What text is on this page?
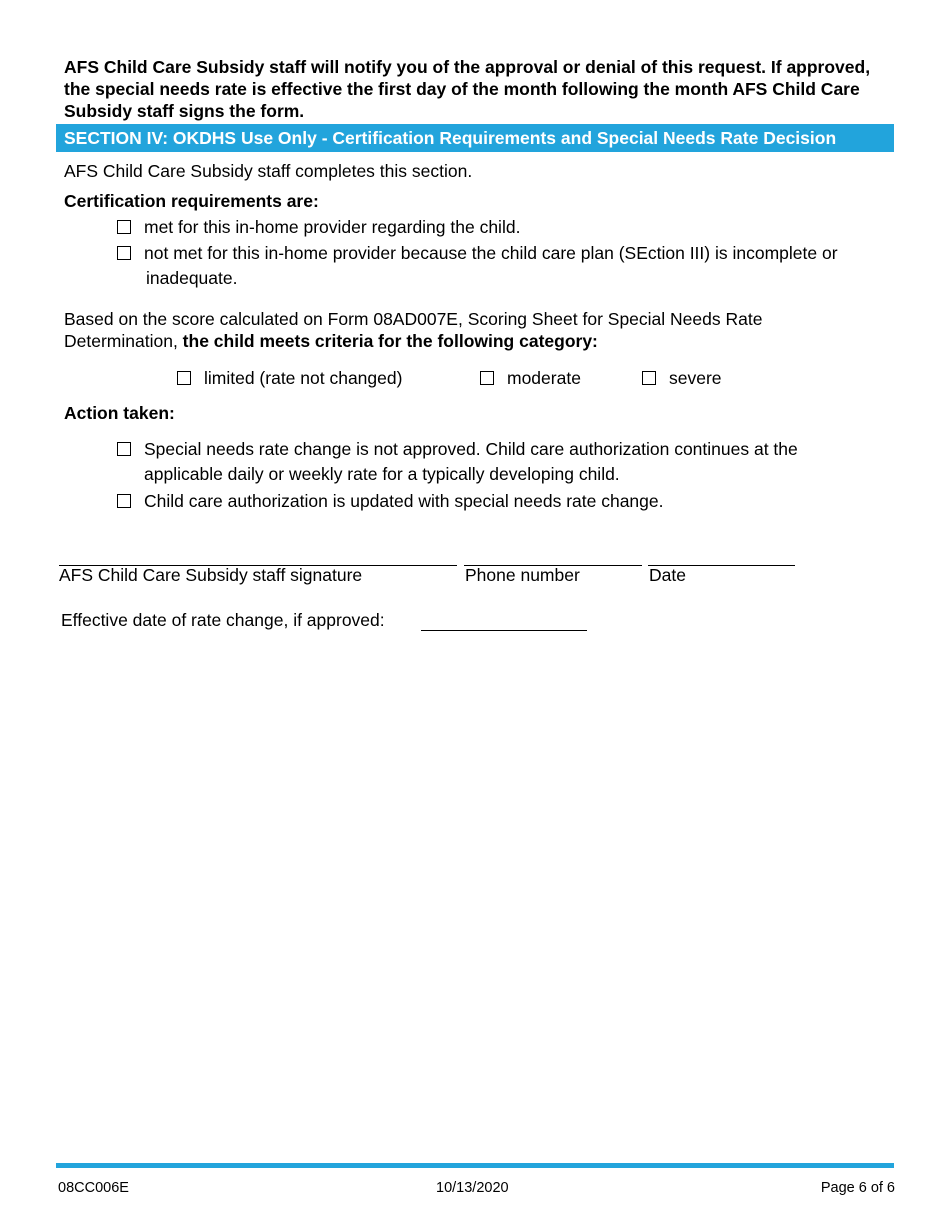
AFS Child Care Subsidy staff will notify you of the approval or denial of this request. If approved, the special needs rate is effective the first day of the month following the month AFS Child Care Subsidy staff signs the form.
SECTION IV: OKDHS Use Only - Certification Requirements and Special Needs Rate Decision
AFS Child Care Subsidy staff completes this section.
Certification requirements are:
met for this in-home provider regarding the child.
not met for this in-home provider because the child care plan (SEction III) is incomplete or
inadequate.
Based on the score calculated on Form 08AD007E, Scoring Sheet for Special Needs Rate
Determination, the child meets criteria for the following category:
limited (rate not changed)	moderate	severe
Action taken:
Special needs rate change is not approved. Child care authorization continues at the
applicable daily or weekly rate for a typically developing child.
Child care authorization is updated with special needs rate change.
AFS Child Care Subsidy staff signature	Phone number	Date
Effective date of rate change, if approved:
08CC006E	10/13/2020	Page 6 of 6
